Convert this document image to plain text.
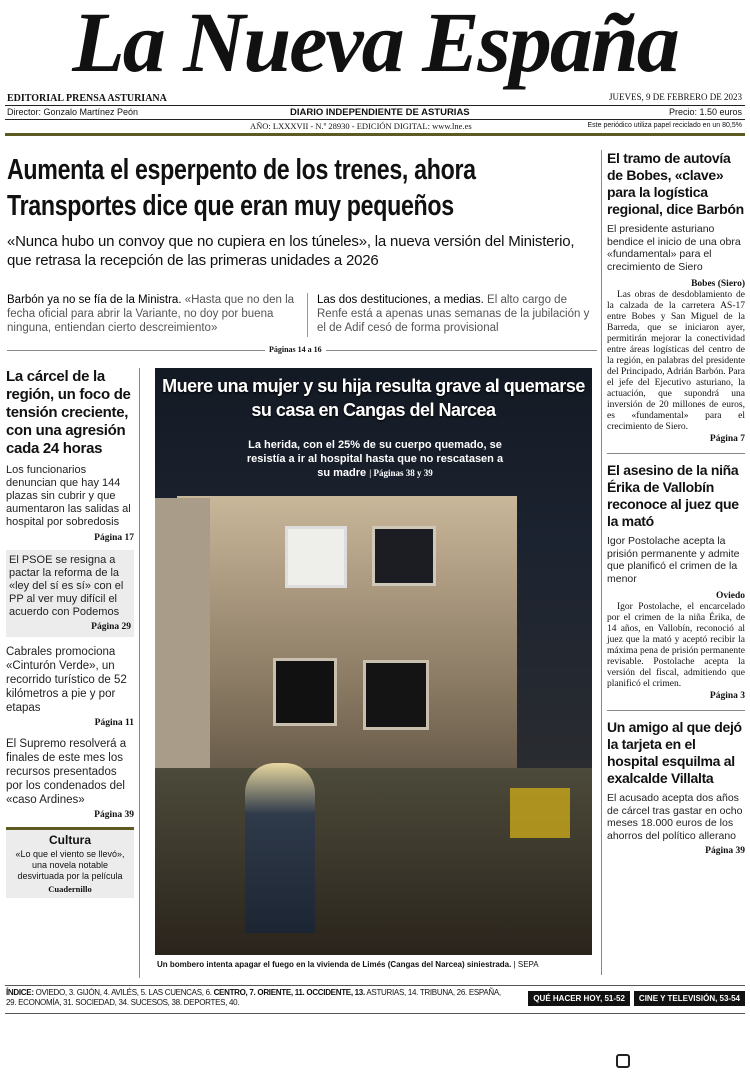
La Nueva España
EDITORIAL PRENSA ASTURIANA	JUEVES, 9 DE FEBRERO DE 2023
Director: Gonzalo Martínez Peón	DIARIO INDEPENDIENTE DE ASTURIAS	Precio: 1.50 euros
AÑO: LXXXVII - N.º 28930 - EDICIÓN DIGITAL: www.lne.es	Este periódico utiliza papel reciclado en un 80,5%
Aumenta el esperpento de los trenes, ahora Transportes dice que eran muy pequeños
«Nunca hubo un convoy que no cupiera en los túneles», la nueva versión del Ministerio, que retrasa la recepción de las primeras unidades a 2026
Barbón ya no se fía de la Ministra. «Hasta que no den la fecha oficial para abrir la Variante, no doy por buena ninguna, entiendan cierto descreimiento»
Las dos destituciones, a medias. El alto cargo de Renfe está a apenas unas semanas de la jubilación y el de Adif cesó de forma provisional
Páginas 14 a 16
La cárcel de la región, un foco de tensión creciente, con una agresión cada 24 horas
Los funcionarios denuncian que hay 144 plazas sin cubrir y que aumentaron las salidas al hospital por sobredosis
Página 17
El PSOE se resigna a pactar la reforma de la «ley del sí es sí» con el PP al ver muy difícil el acuerdo con Podemos
Página 29
Cabrales promociona «Cinturón Verde», un recorrido turístico de 52 kilómetros a pie y por etapas
Página 11
El Supremo resolverá a finales de este mes los recursos presentados por los condenados del «caso Ardines»
Página 39
Cultura
«Lo que el viento se llevó», una novela notable desvirtuada por la película
Cuadernillo
Muere una mujer y su hija resulta grave al quemarse su casa en Cangas del Narcea
La herida, con el 25% de su cuerpo quemado, se resistía a ir al hospital hasta que no rescatasen a su madre | Páginas 38 y 39
Un bombero intenta apagar el fuego en la vivienda de Limés (Cangas del Narcea) siniestrada. | SEPA
El tramo de autovía de Bobes, «clave» para la logística regional, dice Barbón
El presidente asturiano bendice el inicio de una obra «fundamental» para el crecimiento de Siero
Bobes (Siero)
Las obras de desdoblamiento de la calzada de la carretera AS-17 entre Bobes y San Miguel de la Barreda, que se iniciaron ayer, permitirán mejorar la conectividad entre áreas logísticas del centro de la región, en palabras del presidente del Principado, Adrián Barbón. Para el jefe del Ejecutivo asturiano, la actuación, que supondrá una inversión de 20 millones de euros, es «fundamental» para el crecimiento de Siero.
Página 7
El asesino de la niña Érika de Vallobín reconoce al juez que la mató
Igor Postolache acepta la prisión permanente y admite que planificó el crimen de la menor
Oviedo
Igor Postolache, el encarcelado por el crimen de la niña Érika, de 14 años, en Vallobín, reconoció al juez que la mató y aceptó recibir la máxima pena de prisión permanente revisable. Postolache acepta la versión del fiscal, admitiendo que planificó el crimen.
Página 3
Un amigo al que dejó la tarjeta en el hospital esquilma al exalcalde Villalta
El acusado acepta dos años de cárcel tras gastar en ocho meses 18.000 euros de los ahorros del político allerano
Página 39
ÍNDICE: OVIEDO, 3. GIJÓN, 4. AVILÉS, 5. LAS CUENCAS, 6. CENTRO, 7. ORIENTE, 11. OCCIDENTE, 13. ASTURIAS, 14. TRIBUNA, 26. ESPAÑA, 29. ECONOMÍA, 31. SOCIEDAD, 34. SUCESOS, 38. DEPORTES, 40.	QUÉ HACER HOY, 51-52	CINE Y TELEVISIÓN, 53-54
